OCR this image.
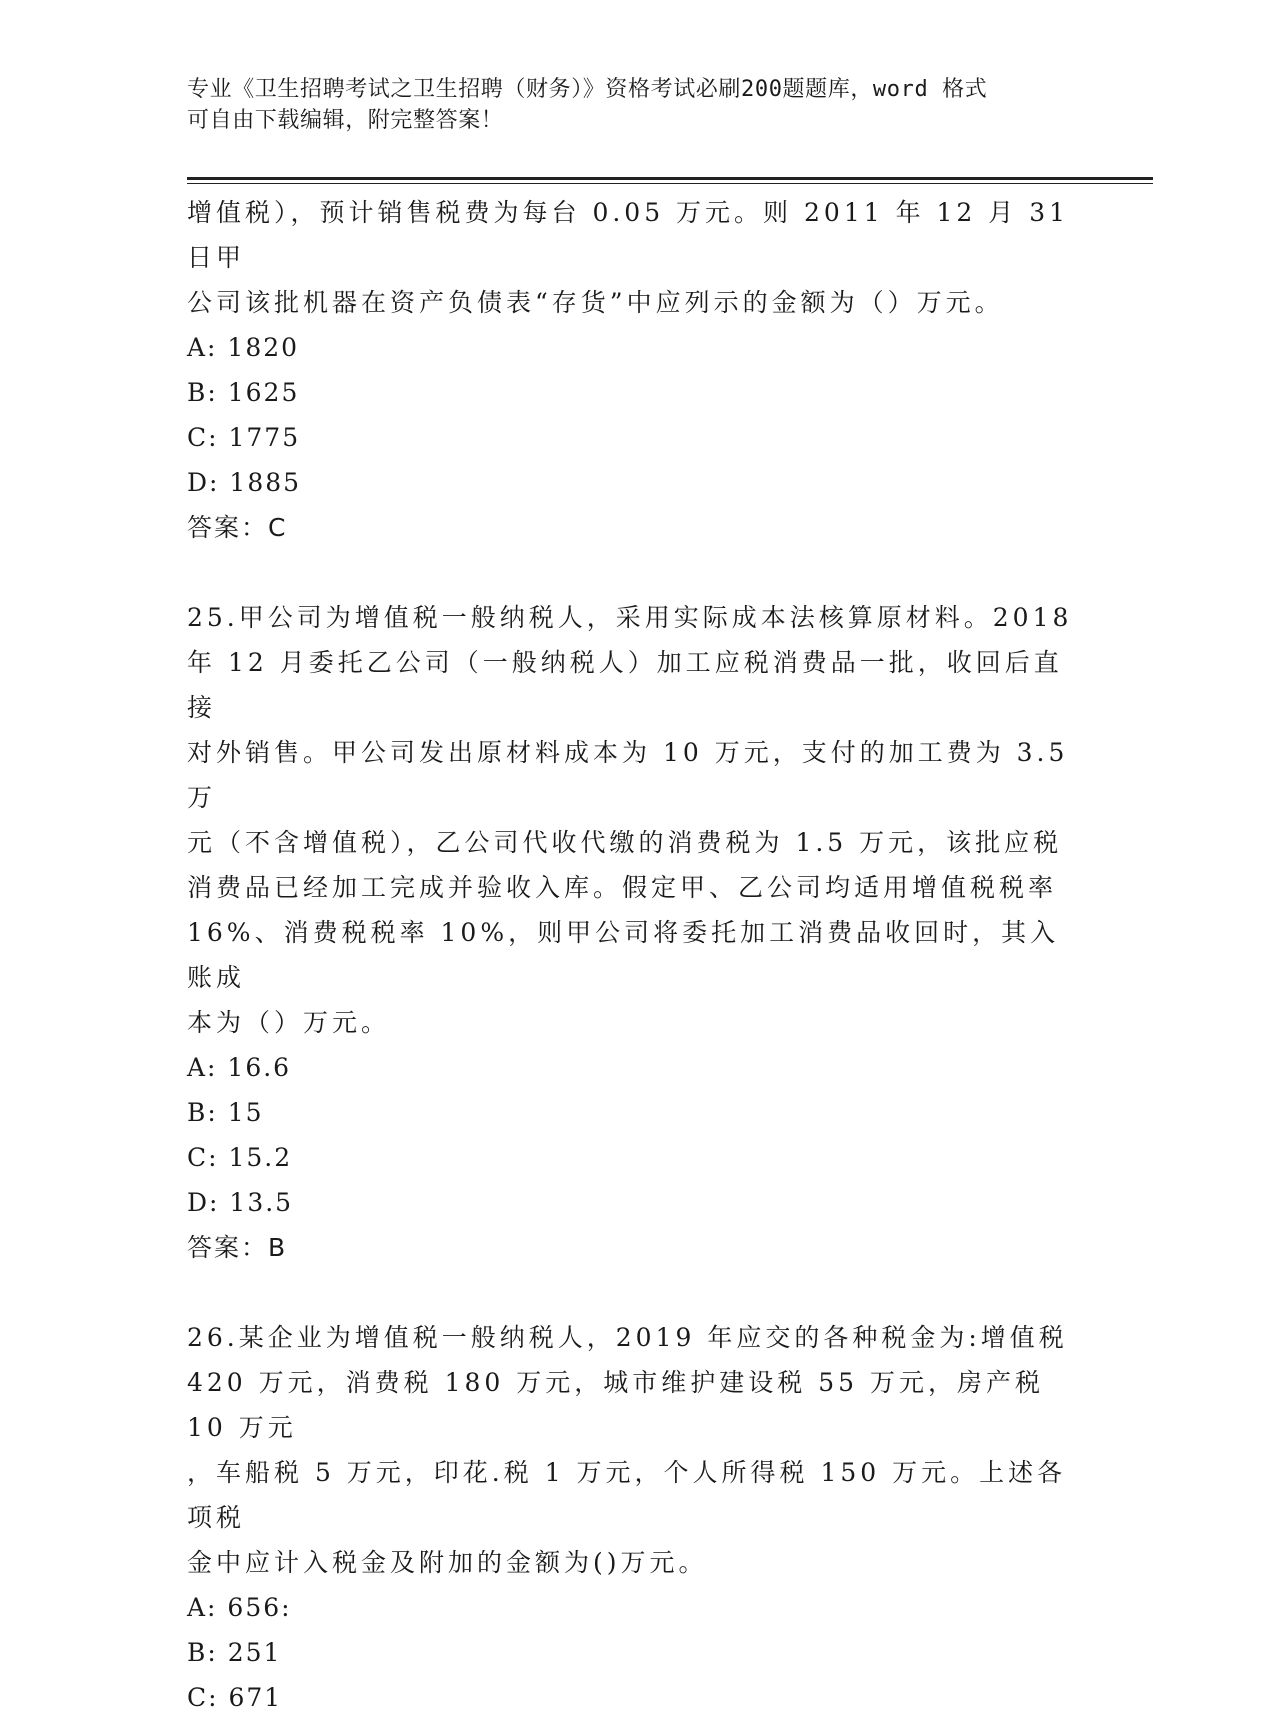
专业《卫生招聘考试之卫生招聘（财务）》资格考试必刷200题题库，word 格式
可自由下载编辑，附完整答案！
增值税），预计销售税费为每台 0.05 万元。则 2011 年 12 月 31 日甲
公司该批机器在资产负债表“存货”中应列示的金额为（）万元。
A: 1820
B: 1625
C: 1775
D: 1885
答案：C
25.甲公司为增值税一般纳税人，采用实际成本法核算原材料。2018
年 12 月委托乙公司（一般纳税人）加工应税消费品一批，收回后直接
对外销售。甲公司发出原材料成本为 10 万元，支付的加工费为 3.5 万
元（不含增值税），乙公司代收代缴的消费税为 1.5 万元，该批应税
消费品已经加工完成并验收入库。假定甲、乙公司均适用增值税税率
16%、消费税税率 10%，则甲公司将委托加工消费品收回时，其入账成
本为（）万元。
A: 16.6
B: 15
C: 15.2
D: 13.5
答案：B
26.某企业为增值税一般纳税人，2019 年应交的各种税金为:增值税
420 万元，消费税 180 万元，城市维护建设税 55 万元，房产税 10 万元
，车船税 5 万元，印花.税 1 万元，个人所得税 150 万元。上述各项税
金中应计入税金及附加的金额为()万元。
A: 656:
B: 251
C: 671
